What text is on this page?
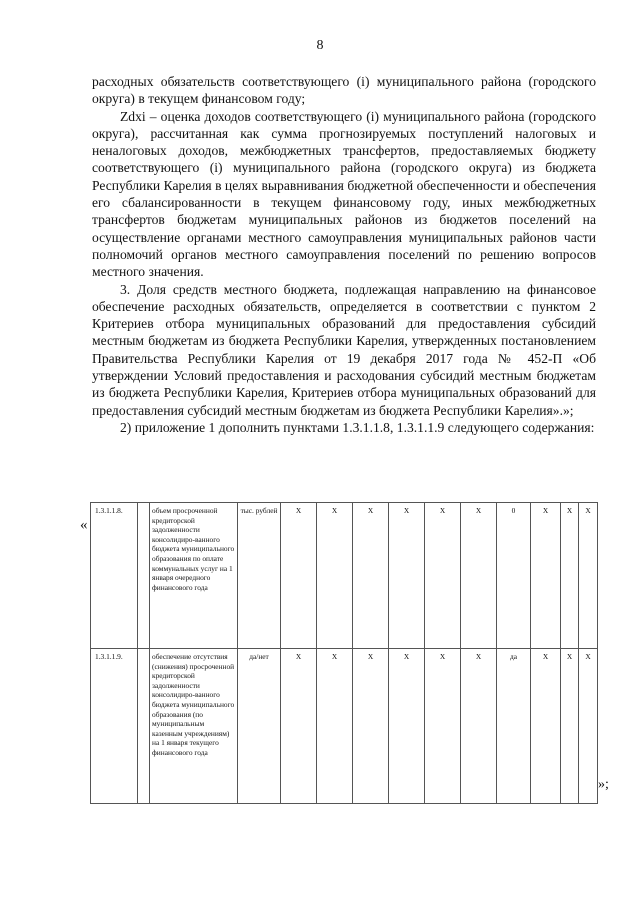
8

расходных обязательств соответствующего (i) муниципального района (городского округа) в текущем финансовом году;

Zdxi – оценка доходов соответствующего (i) муниципального района (городского округа), рассчитанная как сумма прогнозируемых поступлений налоговых и неналоговых доходов, межбюджетных трансфертов, предоставляемых бюджету соответствующего (i) муниципального района (городского округа) из бюджета Республики Карелия в целях выравнивания бюджетной обеспеченности и обеспечения его сбалансированности в текущем финансовому году, иных межбюджетных трансфертов бюджетам муниципальных районов из бюджетов поселений на осуществление органами местного самоуправления муниципальных районов части полномочий органов местного самоуправления поселений по решению вопросов местного значения.

3. Доля средств местного бюджета, подлежащая направлению на финансовое обеспечение расходных обязательств, определяется в соответствии с пунктом 2 Критериев отбора муниципальных образований для предоставления субсидий местным бюджетам из бюджета Республики Карелия, утвержденных постановлением Правительства Республики Карелия от 19 декабря 2017 года № 452-П «Об утверждении Условий предоставления и расходования субсидий местным бюджетам из бюджета Республики Карелия, Критериев отбора муниципальных образований для предоставления субсидий местным бюджетам из бюджета Республики Карелия».»;

2) приложение 1 дополнить пунктами 1.3.1.1.8, 1.3.1.1.9 следующего содержания:

«
1.3.1.1.8.		объем просроченной кредиторской задолженности консолидиро-ванного бюджета муниципального образования по оплате коммунальных услуг на 1 января очередного финансового года	тыс. рублей	Х	Х	Х	Х	Х	Х	0	Х	Х	Х
1.3.1.1.9.		обеспечение отсутствия (снижения) просроченной кредиторской задолженности консолидиро-ванного бюджета муниципального образования (по муниципальным казенным учреждениям) на 1 января текущего финансового года	да/нет	Х	Х	Х	Х	Х	Х	да	Х	Х	Х
»;
